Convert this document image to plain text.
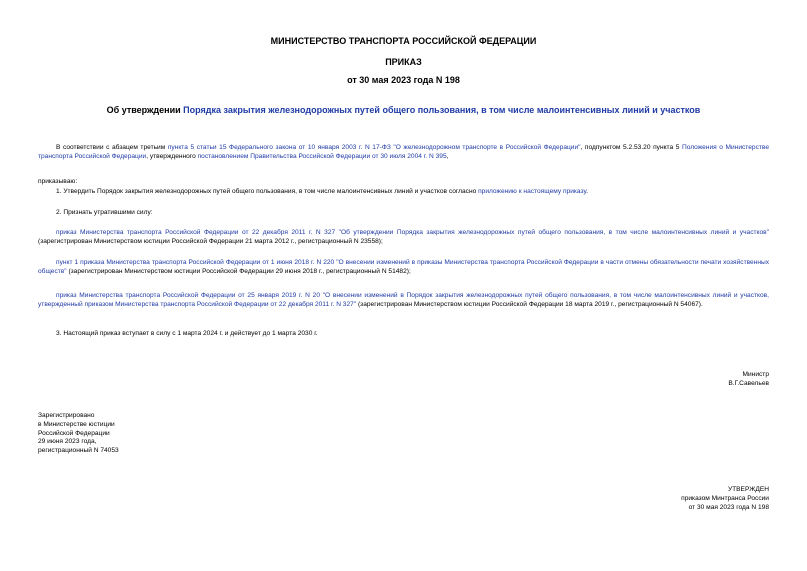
МИНИСТЕРСТВО ТРАНСПОРТА РОССИЙСКОЙ ФЕДЕРАЦИИ
ПРИКАЗ
от 30 мая 2023 года N 198
Об утверждении Порядка закрытия железнодорожных путей общего пользования, в том числе малоинтенсивных линий и участков
В соответствии с абзацем третьим пункта 5 статьи 15 Федерального закона от 10 января 2003 г. N 17-ФЗ "О железнодорожном транспорте в Российской Федерации", подпунктом 5.2.53.20 пункта 5 Положения о Министерстве транспорта Российской Федерации, утвержденного постановлением Правительства Российской Федерации от 30 июля 2004 г. N 395,
приказываю:
1. Утвердить Порядок закрытия железнодорожных путей общего пользования, в том числе малоинтенсивных линий и участков согласно приложению к настоящему приказу.
2. Признать утратившими силу:
приказ Министерства транспорта Российской Федерации от 22 декабря 2011 г. N 327 "Об утверждении Порядка закрытия железнодорожных путей общего пользования, в том числе малоинтенсивных линий и участков" (зарегистрирован Министерством юстиции Российской Федерации 21 марта 2012 г., регистрационный N 23558);
пункт 1 приказа Министерства транспорта Российской Федерации от 1 июня 2018 г. N 220 "О внесении изменений в приказы Министерства транспорта Российской Федерации в части отмены обязательности печати хозяйственных обществ" (зарегистрирован Министерством юстиции Российской Федерации 29 июня 2018 г., регистрационный N 51482);
приказ Министерства транспорта Российской Федерации от 25 января 2019 г. N 20 "О внесении изменений в Порядок закрытия железнодорожных путей общего пользования, в том числе малоинтенсивных линий и участков, утвержденный приказом Министерства транспорта Российской Федерации от 22 декабря 2011 г. N 327" (зарегистрирован Министерством юстиции Российской Федерации 18 марта 2019 г., регистрационный N 54067).
3. Настоящий приказ вступает в силу с 1 марта 2024 г. и действует до 1 марта 2030 г.
Министр
В.Г.Савельев
Зарегистрировано
в Министерстве юстиции
Российской Федерации
29 июня 2023 года,
регистрационный N 74053
УТВЕРЖДЕН
приказом Минтранса России
от 30 мая 2023 года N 198
